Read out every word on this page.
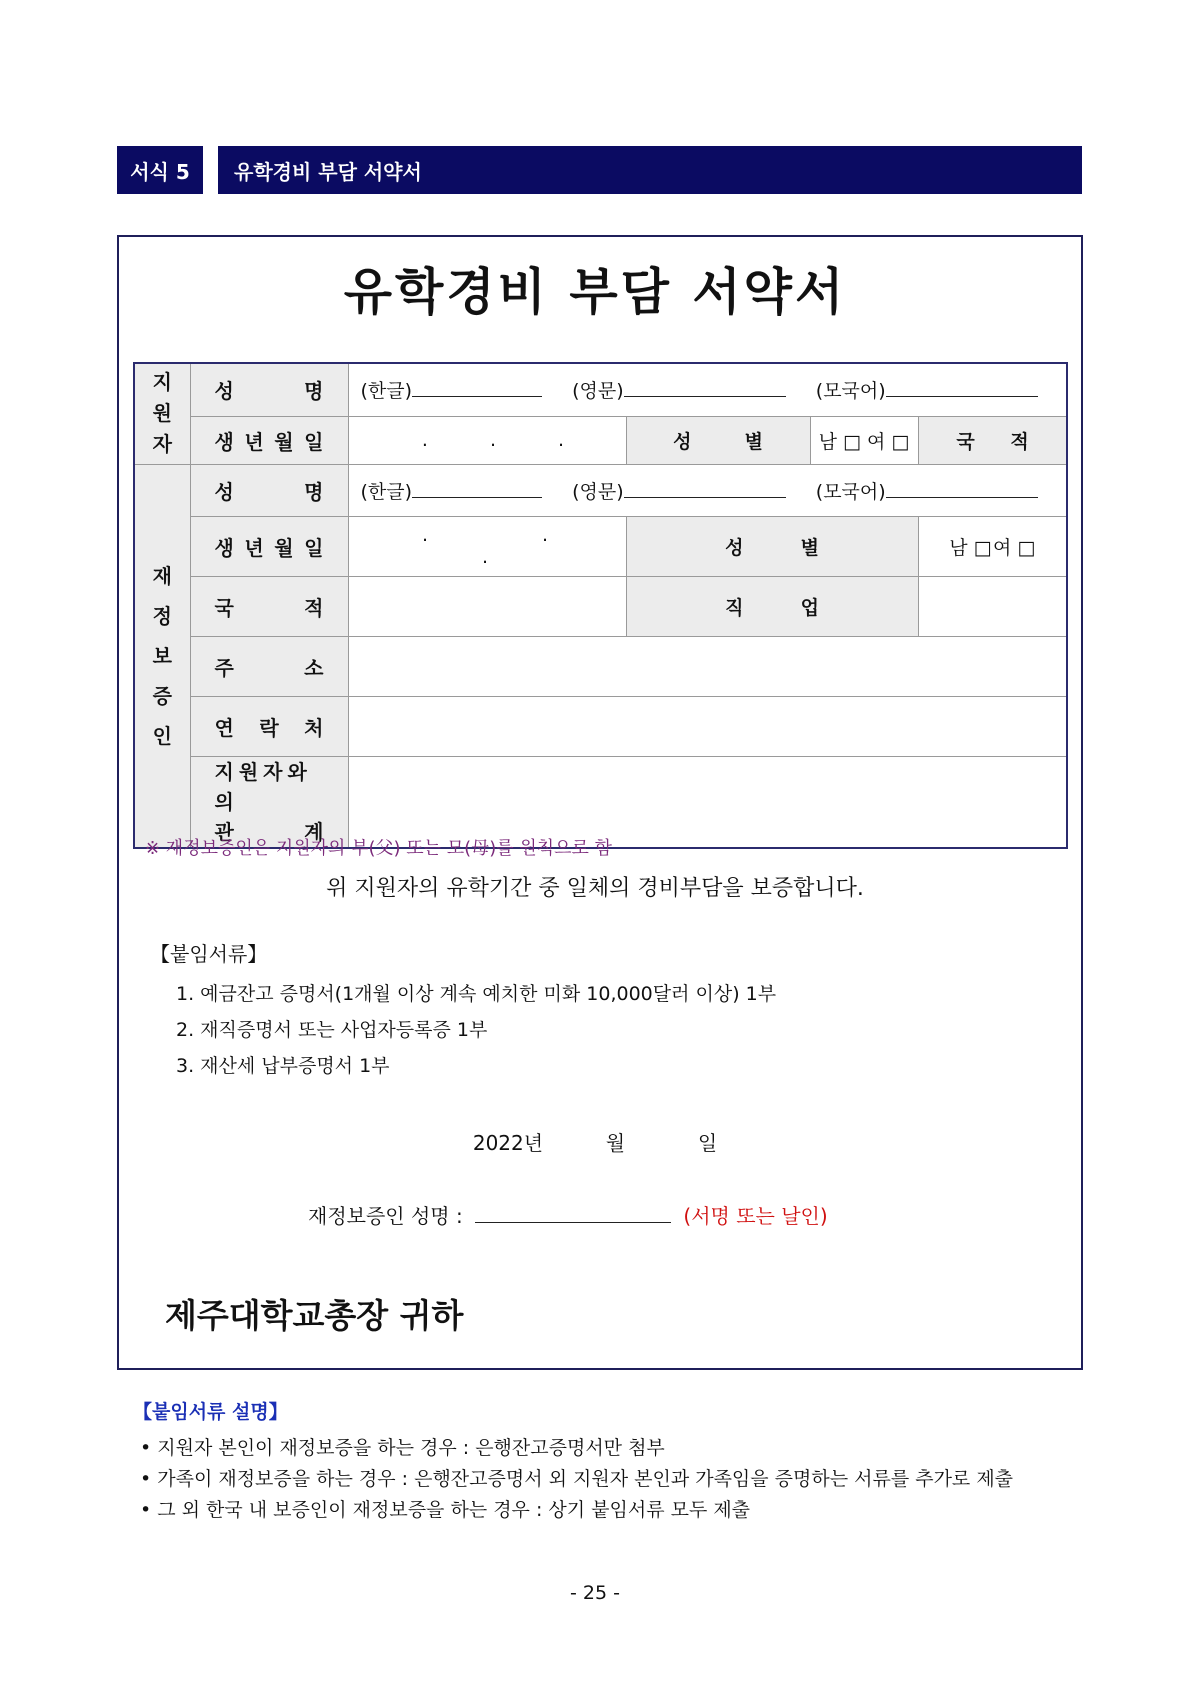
서식 5	유학경비 부담 서약서
유학경비 부담 서약서
지
원
자	성 명	(한글) (영문) (모국어)				

	생 년 월 일	. . .	성 별	남 □ 여 □	국 적	

재
정
보
증
인	성 명	(한글) (영문) (모국어)				

	생 년 월 일	. . .	성 별		남 □ 여 □	

	국 적		직 업			

	주 소					

	연 락 처					

	지원자와의
관 계					

※ 재정보증인은 지원자의 부(父) 또는 모(母)를 원칙으로 함
위 지원자의 유학기간 중 일체의 경비부담을 보증합니다.
【붙임서류】
1. 예금잔고 증명서(1개월 이상 계속 예치한 미화 10,000달러 이상) 1부
2. 재직증명서 또는 사업자등록증 1부
3. 재산세 납부증명서 1부
2022년	월	일
재정보증인 성명 :	(서명 또는 날인)
제주대학교총장 귀하
【붙임서류 설명】
• 지원자 본인이 재정보증을 하는 경우 : 은행잔고증명서만 첨부
• 가족이 재정보증을 하는 경우 : 은행잔고증명서 외 지원자 본인과 가족임을 증명하는 서류를 추가로 제출
• 그 외 한국 내 보증인이 재정보증을 하는 경우 : 상기 붙임서류 모두 제출
- 25 -
